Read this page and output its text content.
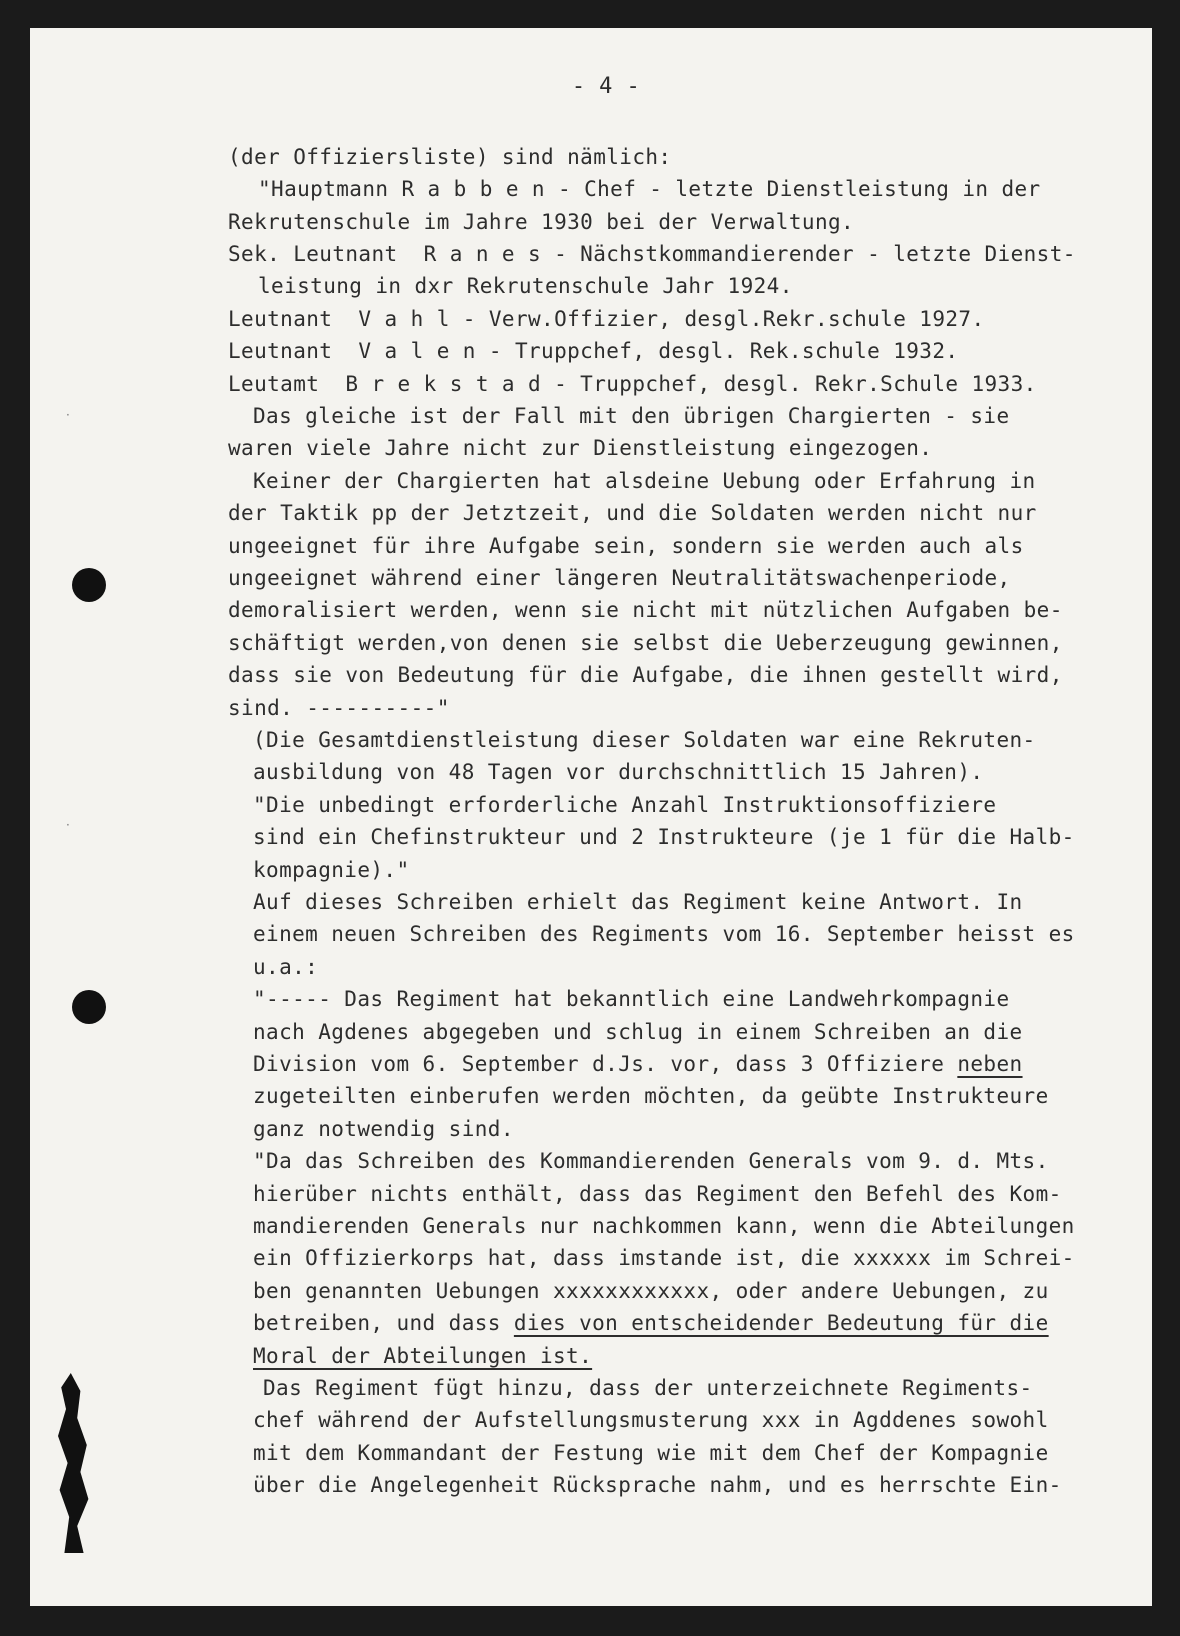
·
·
- 4 -
(der Offiziersliste) sind nämlich:
"Hauptmann R a b b e n - Chef - letzte Dienstleistung in der
Rekrutenschule im Jahre 1930 bei der Verwaltung.
Sek. Leutnant  R a n e s - Nächstkommandierender - letzte Dienst-
leistung in dxr Rekrutenschule Jahr 1924.
Leutnant  V a h l - Verw.Offizier, desgl.Rekr.schule 1927.
Leutnant  V a l e n - Truppchef, desgl. Rek.schule 1932.
Leutamt  B r e k s t a d - Truppchef, desgl. Rekr.Schule 1933.
Das gleiche ist der Fall mit den übrigen Chargierten - sie
waren viele Jahre nicht zur Dienstleistung eingezogen.
Keiner der Chargierten hat alsdeine Uebung oder Erfahrung in
der Taktik pp der Jetztzeit, und die Soldaten werden nicht nur
ungeeignet für ihre Aufgabe sein, sondern sie werden auch als
ungeeignet während einer längeren Neutralitätswachenperiode,
demoralisiert werden, wenn sie nicht mit nützlichen Aufgaben be-
schäftigt werden,von denen sie selbst die Ueberzeugung gewinnen,
dass sie von Bedeutung für die Aufgabe, die ihnen gestellt wird,
sind. ----------"
(Die Gesamtdienstleistung dieser Soldaten war eine Rekruten-
ausbildung von 48 Tagen vor durchschnittlich 15 Jahren).
"Die unbedingt erforderliche Anzahl Instruktionsoffiziere
sind ein Chefinstrukteur und 2 Instrukteure (je 1 für die Halb-
kompagnie)."
Auf dieses Schreiben erhielt das Regiment keine Antwort. In
einem neuen Schreiben des Regiments vom 16. September heisst es
u.a.:
"----- Das Regiment hat bekanntlich eine Landwehrkompagnie
nach Agdenes abgegeben und schlug in einem Schreiben an die
Division vom 6. September d.Js. vor, dass 3 Offiziere neben
zugeteilten einberufen werden möchten, da geübte Instrukteure
ganz notwendig sind.
"Da das Schreiben des Kommandierenden Generals vom 9. d. Mts.
hierüber nichts enthält, dass das Regiment den Befehl des Kom-
mandierenden Generals nur nachkommen kann, wenn die Abteilungen
ein Offizierkorps hat, dass imstande ist, die xxxxxx im Schrei-
ben genannten Uebungen xxxxxxxxxxxx, oder andere Uebungen, zu
betreiben, und dass dies von entscheidender Bedeutung für die
Moral der Abteilungen ist.
Das Regiment fügt hinzu, dass der unterzeichnete Regiments-
chef während der Aufstellungsmusterung xxx in Agddenes sowohl
mit dem Kommandant der Festung wie mit dem Chef der Kompagnie
über die Angelegenheit Rücksprache nahm, und es herrschte Ein-
